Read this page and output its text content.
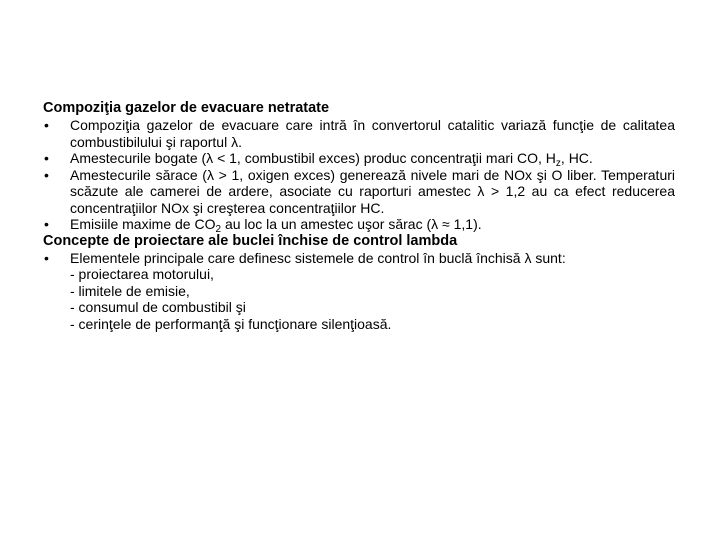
Compoziţia gazelor de evacuare netratate
• Compoziţia gazelor de evacuare care intră în convertorul catalitic variază funcţie de calitatea combustibilului şi raportul λ.
• Amestecurile bogate (λ < 1, combustibil exces) produc concentraţii mari CO, $H_z$, HC.
• Amestecurile sărace (λ > 1, oxigen exces) generează nivele mari de NOx şi O liber. Temperaturi scăzute ale camerei de ardere, asociate cu raporturi amestec λ > 1,2 au ca efect reducerea concentraţiilor NOx şi creşterea concentraţiilor HC.
• Emisiile maxime de $CO_2$ au loc la un amestec uşor sărac (λ ≈ 1,1).
Concepte de proiectare ale buclei închise de control lambda
• Elementele principale care definesc sistemele de control în buclă închisă λ sunt:
- proiectarea motorului,
- limitele de emisie,
- consumul de combustibil şi
- cerinţele de performanţă şi funcţionare silenţioasă.
